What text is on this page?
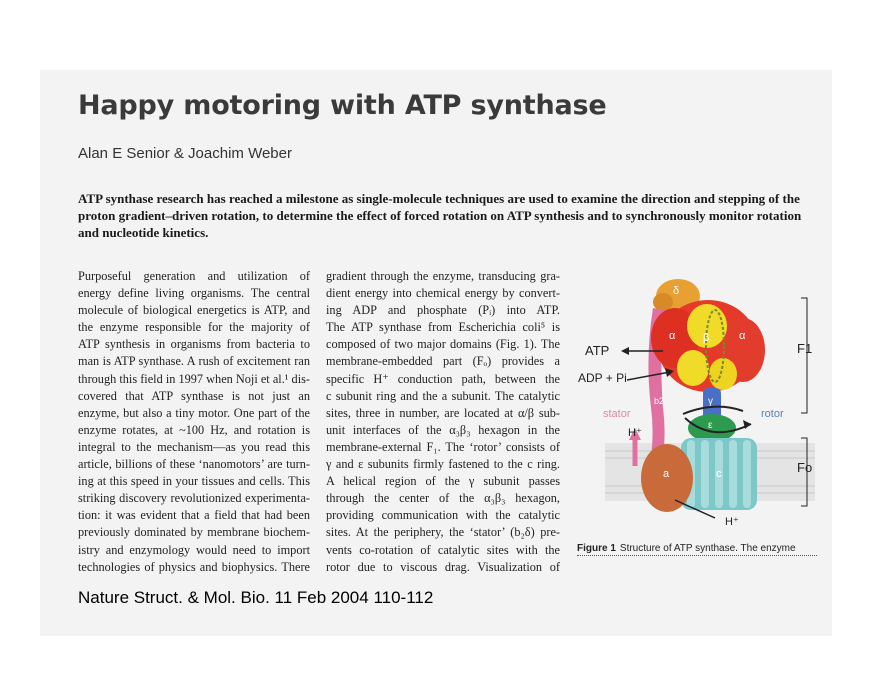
Happy motoring with ATP synthase
Alan E Senior & Joachim Weber

ATP synthase research has reached a milestone as single-molecule techniques are used to examine the direction and stepping of the proton gradient–driven rotation, to determine the effect of forced rotation on ATP synthesis and to synchronously monitor rotation and nucleotide kinetics.

Purposeful generation and utilization of
energy define living organisms. The central
molecule of biological energetics is ATP, and
the enzyme responsible for the majority of
ATP synthesis in organisms from bacteria to
man is ATP synthase. A rush of excitement ran
through this field in 1997 when Noji et al.¹ dis-
covered that ATP synthase is not just an
enzyme, but also a tiny motor. One part of the
enzyme rotates, at ~100 Hz, and rotation is
integral to the mechanism—as you read this
article, billions of these ‘nanomotors’ are turn-
ing at this speed in your tissues and cells. This
striking discovery revolutionized experimenta-
tion: it was evident that a field that had been
previously dominated by membrane biochem-
istry and enzymology would need to import
technologies of physics and biophysics. There
gradient through the enzyme, transducing gra-
dient energy into chemical energy by convert-
ing ADP and phosphate (Pᵢ) into ATP.
The ATP synthase from Escherichia coli⁵ is
composed of two major domains (Fig. 1). The
membrane-embedded part (Fₒ) provides a
specific H⁺ conduction path, between the
c subunit ring and the a subunit. The catalytic
sites, three in number, are located at α/β sub-
unit interfaces of the α₃β₃ hexagon in the
membrane-external F₁. The ‘rotor’ consists of
γ and ε subunits firmly fastened to the c ring.
A helical region of the γ subunit passes
through the center of the α₃β₃ hexagon,
providing communication with the catalytic
sites. At the periphery, the ‘stator’ (b₂δ) pre-
vents co-rotation of catalytic sites with the
rotor due to viscous drag. Visualization of
ATP
ADP + Pi
F1
Fo
stator	rotor
H⁺
H⁺
δ
α	β	α
b2	γ
ε
a	c
Figure 1 Structure of ATP synthase. The enzyme
Nature Struct. & Mol. Bio. 11 Feb 2004 110-112
